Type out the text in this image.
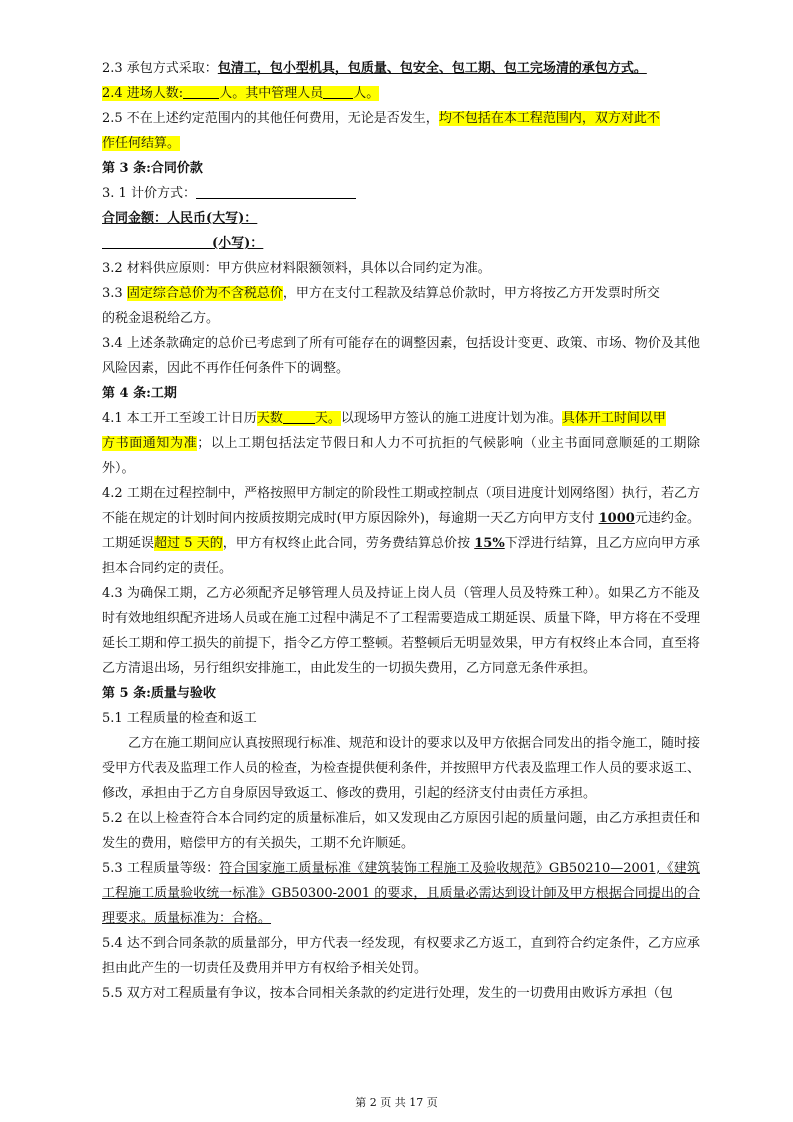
2.3 承包方式采取：包清工，包小型机具，包质量、包安全、包工期、包工完场清的承包方式。
2.4 进场人数:	人。其中管理人员 人。

2.5 不在上述约定范围内的其他任何费用，无论是否发生，均不包括在本工程范围内，双方对此不
作任何结算。

第 3 条:合同价款
3. 1 计价方式：
合同金额：人民币(大写)：
(小写)：
3.2 材料供应原则：甲方供应材料限额领料，具体以合同约定为准。

3.3 固定综合总价为不含税总价，甲方在支付工程款及结算总价款时，甲方将按乙方开发票时所交
的税金退税给乙方。

3.4 上述条款确定的总价已考虑到了所有可能存在的调整因素，包括设计变更、政策、市场、物价及其他风险因素，因此不再作任何条件下的调整。

第 4 条:工期

4.1 本工开工至竣工计日历天数 天。以现场甲方签认的施工进度计划为准。具体开工时间以甲
方书面通知为准；以上工期包括法定节假日和人力不可抗拒的气候影响（业主书面同意顺延的工期除外）。

4.2 工期在过程控制中，严格按照甲方制定的阶段性工期或控制点（项目进度计划网络图）执行，若乙方不能在规定的计划时间内按质按期完成时(甲方原因除外)，每逾期一天乙方向甲方支付 1000元违约金。工期延误超过 5 天的，甲方有权终止此合同，劳务费结算总价按 15%下浮进行结算，且乙方应向甲方承担本合同约定的责任。

4.3 为确保工期，乙方必须配齐足够管理人员及持证上岗人员（管理人员及特殊工种）。如果乙方不能及时有效地组织配齐进场人员或在施工过程中满足不了工程需要造成工期延误、质量下降，甲方将在不受理延长工期和停工损失的前提下，指令乙方停工整顿。若整顿后无明显效果，甲方有权终止本合同，直至将乙方清退出场，另行组织安排施工，由此发生的一切损失费用，乙方同意无条件承担。

第 5 条:质量与验收
5.1 工程质量的检查和返工

乙方在施工期间应认真按照现行标准、规范和设计的要求以及甲方依据合同发出的指令施工，随时接受甲方代表及监理工作人员的检查，为检查提供便利条件，并按照甲方代表及监理工作人员的要求返工、修改，承担由于乙方自身原因导致返工、修改的费用，引起的经济支付由责任方承担。

5.2 在以上检查符合本合同约定的质量标准后，如又发现由乙方原因引起的质量问题，由乙方承担责任和发生的费用，赔偿甲方的有关损失，工期不允许顺延。

5.3 工程质量等级：符合国家施工质量标准《建筑装饰工程施工及验收规范》GB50210—2001,《建筑工程施工质量验收统一标准》GB50300-2001 的要求，且质量必需达到设计師及甲方根据合同提出的合理要求。质量标准为：合格。

5.4 达不到合同条款的质量部分，甲方代表一经发现，有权要求乙方返工，直到符合约定条件，乙方应承担由此产生的一切责任及费用并甲方有权给予相关处罚。

5.5 双方对工程质量有争议，按本合同相关条款的约定进行处理，发生的一切费用由败诉方承担（包
第 2 页 共 17 页
